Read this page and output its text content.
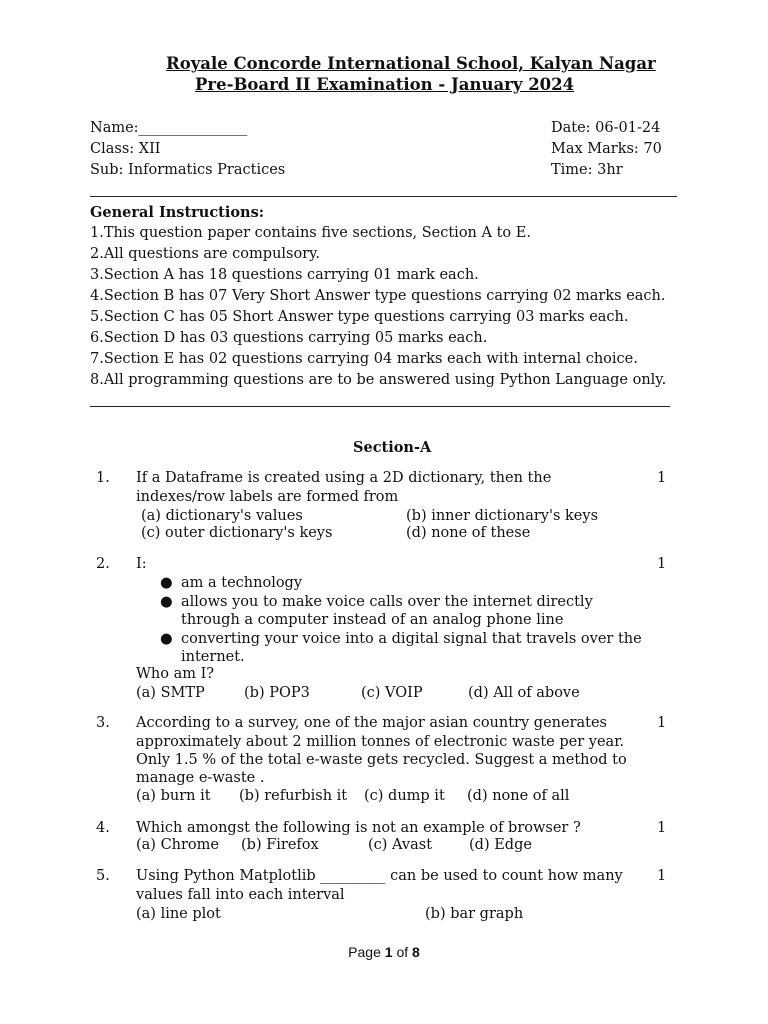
Royale Concorde International School, Kalyan Nagar
Pre-Board II Examination - January 2024
Name:_______________
Class: XII
Sub: Informatics Practices
Date: 06-01-24
Max Marks: 70
Time: 3hr
General Instructions:
1.This question paper contains five sections, Section A to E.
2.All questions are compulsory.
3.Section A has 18 questions carrying 01 mark each.
4.Section B has 07 Very Short Answer type questions carrying 02 marks each.
5.Section C has 05 Short Answer type questions carrying 03 marks each.
6.Section D has 03 questions carrying 05 marks each.
7.Section E has 02 questions carrying 04 marks each with internal choice.
8.All programming questions are to be answered using Python Language only.
Section-A
1.	1
If a Dataframe is created using a 2D dictionary, then the
indexes/row labels are formed from
(a) dictionary's values	(b) inner dictionary's keys
(c) outer dictionary's keys	(d) none of these
2.	1
I:
● am a technology
● allows you to make voice calls over the internet directly
through a computer instead of an analog phone line
● converting your voice into a digital signal that travels over the
internet.
Who am I?
(a) SMTP	(b) POP3	(c) VOIP	(d) All of above
3.	1
According to a survey, one of the major asian country generates
approximately about 2 million tonnes of electronic waste per year.
Only 1.5 % of the total e-waste gets recycled. Suggest a method to
manage e-waste .
(a) burn it (b) refurbish it (c) dump it (d) none of all
4.	1
Which amongst the following is not an example of browser ?
(a) Chrome (b) Firefox	(c) Avast	(d) Edge
5.	1
Using Python Matplotlib _________ can be used to count how many
values fall into each interval
(a) line plot	(b) bar graph
Page 1 of 8
